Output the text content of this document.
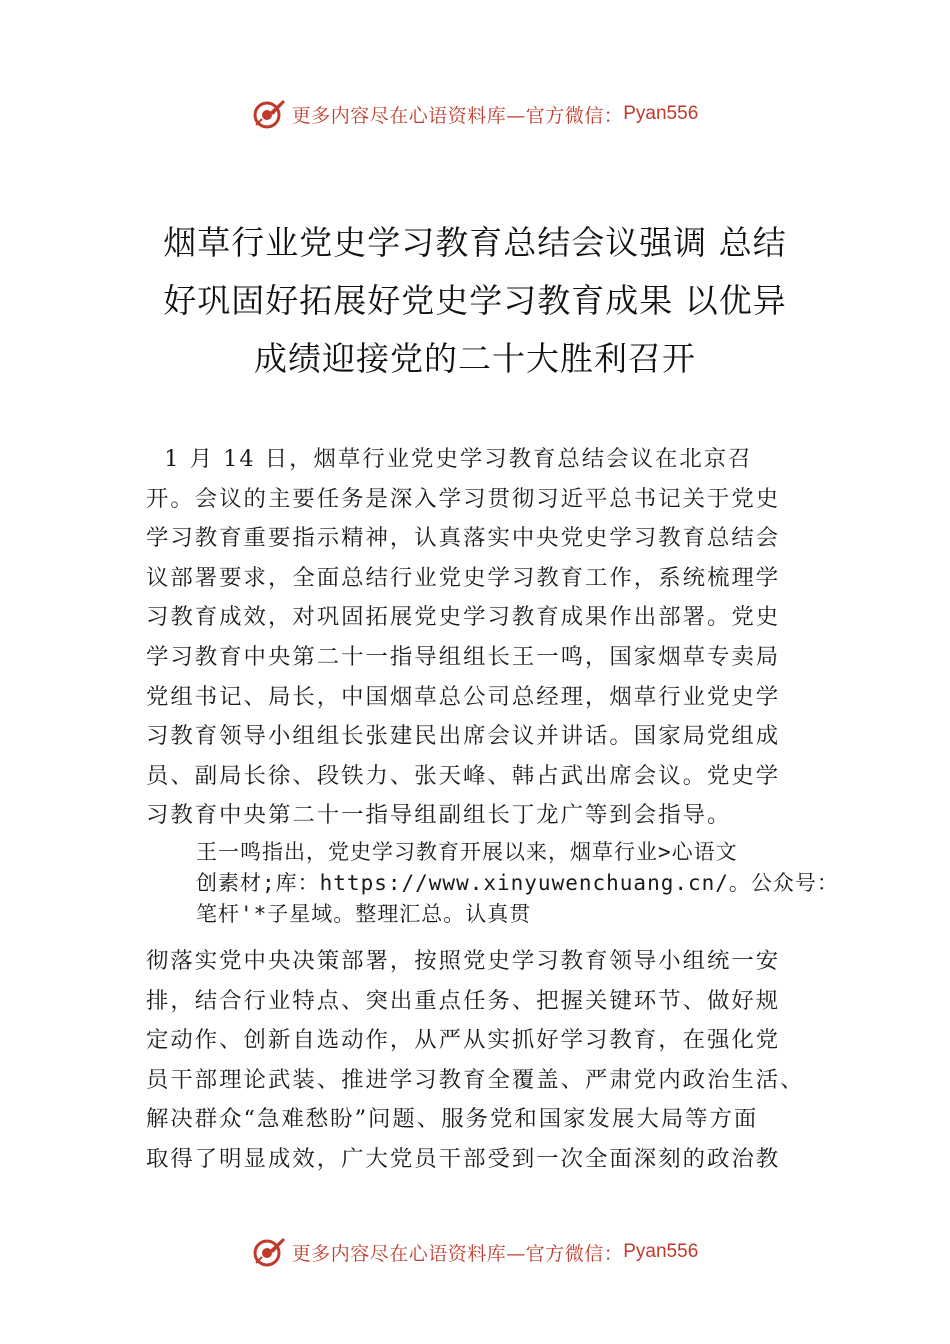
更多内容尽在心语资料库—官方微信： Pyan556
烟草行业党史学习教育总结会议强调 总结
好巩固好拓展好党史学习教育成果 以优异
成绩迎接党的二十大胜利召开
1 月 14 日，烟草行业党史学习教育总结会议在北京召
开。会议的主要任务是深入学习贯彻习近平总书记关于党史
学习教育重要指示精神，认真落实中央党史学习教育总结会
议部署要求，全面总结行业党史学习教育工作，系统梳理学
习教育成效，对巩固拓展党史学习教育成果作出部署。党史
学习教育中央第二十一指导组组长王一鸣，国家烟草专卖局
党组书记、局长，中国烟草总公司总经理，烟草行业党史学
习教育领导小组组长张建民出席会议并讲话。国家局党组成
员、副局长徐、段铁力、张天峰、韩占武出席会议。党史学
习教育中央第二十一指导组副组长丁龙广等到会指导。
王一鸣指出，党史学习教育开展以来，烟草行业>心语文
创素材;库：https://www.xinyuwenchuang.cn/。公众号：
笔杆'*子星域。整理汇总。认真贯
彻落实党中央决策部署，按照党史学习教育领导小组统一安
排，结合行业特点、突出重点任务、把握关键环节、做好规
定动作、创新自选动作，从严从实抓好学习教育，在强化党
员干部理论武装、推进学习教育全覆盖、严肃党内政治生活、
解决群众“急难愁盼”问题、服务党和国家发展大局等方面
取得了明显成效，广大党员干部受到一次全面深刻的政治教
更多内容尽在心语资料库—官方微信： Pyan556
